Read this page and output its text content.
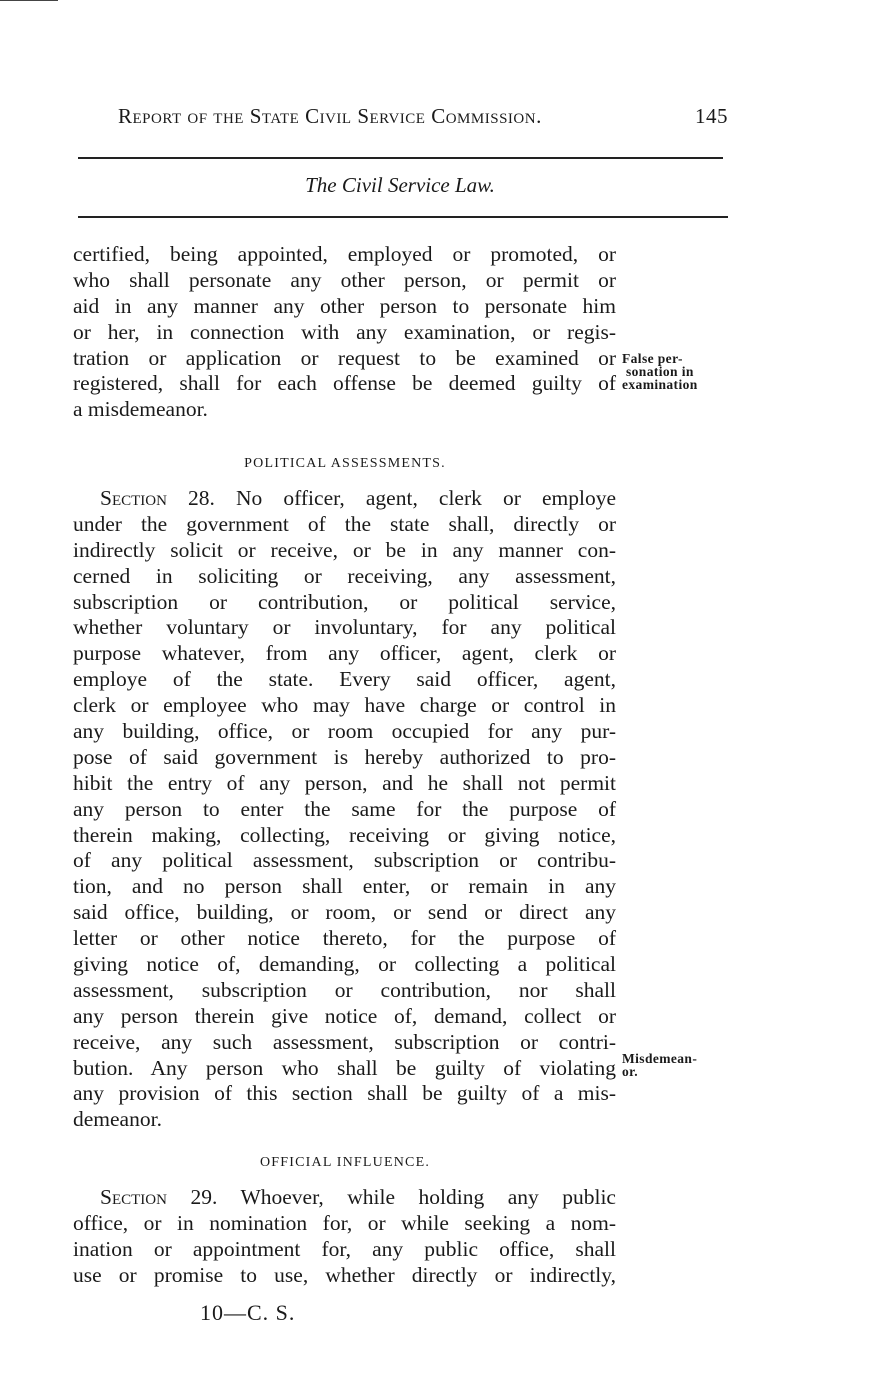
Report of the State Civil Service Commission.	145
The Civil Service Law.
certified, being appointed, employed or promoted, or
who shall personate any other person, or permit or
aid in any manner any other person to personate him
or her, in connection with any examination, or regis-
tration or application or request to be examined or
registered, shall for each offense be deemed guilty of
a misdemeanor.
False per-
sonation in
examination
POLITICAL ASSESSMENTS.
Section 28. No officer, agent, clerk or employe
under the government of the state shall, directly or
indirectly solicit or receive, or be in any manner con-
cerned in soliciting or receiving, any assessment,
subscription or contribution, or political service,
whether voluntary or involuntary, for any political
purpose whatever, from any officer, agent, clerk or
employe of the state. Every said officer, agent,
clerk or employee who may have charge or control in
any building, office, or room occupied for any pur-
pose of said government is hereby authorized to pro-
hibit the entry of any person, and he shall not permit
any person to enter the same for the purpose of
therein making, collecting, receiving or giving notice,
of any political assessment, subscription or contribu-
tion, and no person shall enter, or remain in any
said office, building, or room, or send or direct any
letter or other notice thereto, for the purpose of
giving notice of, demanding, or collecting a political
assessment, subscription or contribution, nor shall
any person therein give notice of, demand, collect or
receive, any such assessment, subscription or contri-
bution. Any person who shall be guilty of violating
any provision of this section shall be guilty of a mis-
demeanor.
Misdemean-
or.
OFFICIAL INFLUENCE.
Section 29. Whoever, while holding any public
office, or in nomination for, or while seeking a nom-
ination or appointment for, any public office, shall
use or promise to use, whether directly or indirectly,
10—C. S.
